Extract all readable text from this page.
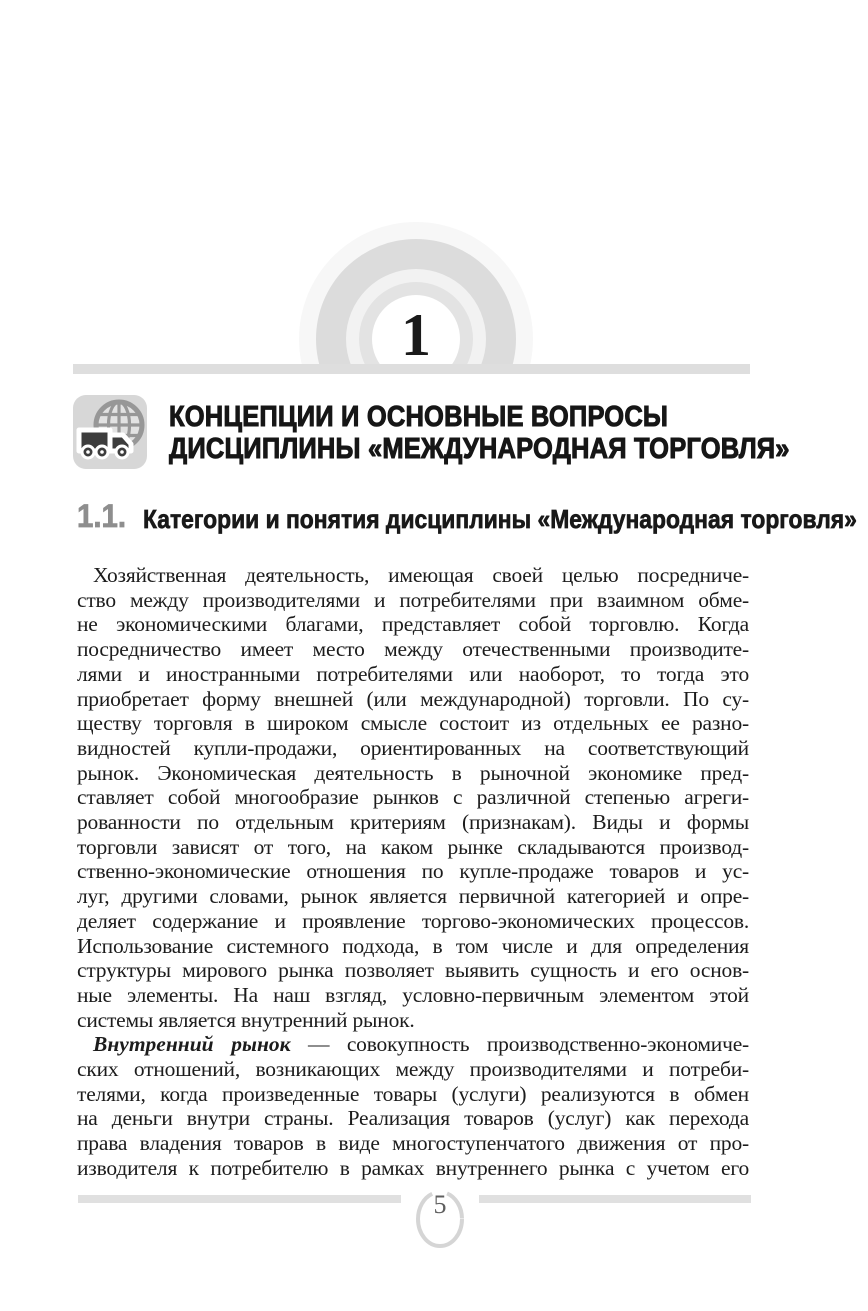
1
КОНЦЕПЦИИ И ОСНОВНЫЕ ВОПРОСЫ
ДИСЦИПЛИНЫ «МЕЖДУНАРОДНАЯ ТОРГОВЛЯ»
1.1. Категории и понятия дисциплины «Международная торговля»
Хозяйственная деятельность, имеющая своей целью посредниче-
ство между производителями и потребителями при взаимном обме-
не экономическими благами, представляет собой торговлю. Когда
посредничество имеет место между отечественными производите-
лями и иностранными потребителями или наоборот, то тогда это
приобретает форму внешней (или международной) торговли. По су-
ществу торговля в широком смысле состоит из отдельных ее разно-
видностей купли-продажи, ориентированных на соответствующий
рынок. Экономическая деятельность в рыночной экономике пред-
ставляет собой многообразие рынков с различной степенью агреги-
рованности по отдельным критериям (признакам). Виды и формы
торговли зависят от того, на каком рынке складываются производ-
ственно-экономические отношения по купле-продаже товаров и ус-
луг, другими словами, рынок является первичной категорией и опре-
деляет содержание и проявление торгово-экономических процессов.
Использование системного подхода, в том числе и для определения
структуры мирового рынка позволяет выявить сущность и его основ-
ные элементы. На наш взгляд, условно-первичным элементом этой
системы является внутренний рынок.
Внутренний рынок — совокупность производственно-экономиче-
ских отношений, возникающих между производителями и потреби-
телями, когда произведенные товары (услуги) реализуются в обмен
на деньги внутри страны. Реализация товаров (услуг) как перехода
права владения товаров в виде многоступенчатого движения от про-
изводителя к потребителю в рамках внутреннего рынка с учетом его
5
